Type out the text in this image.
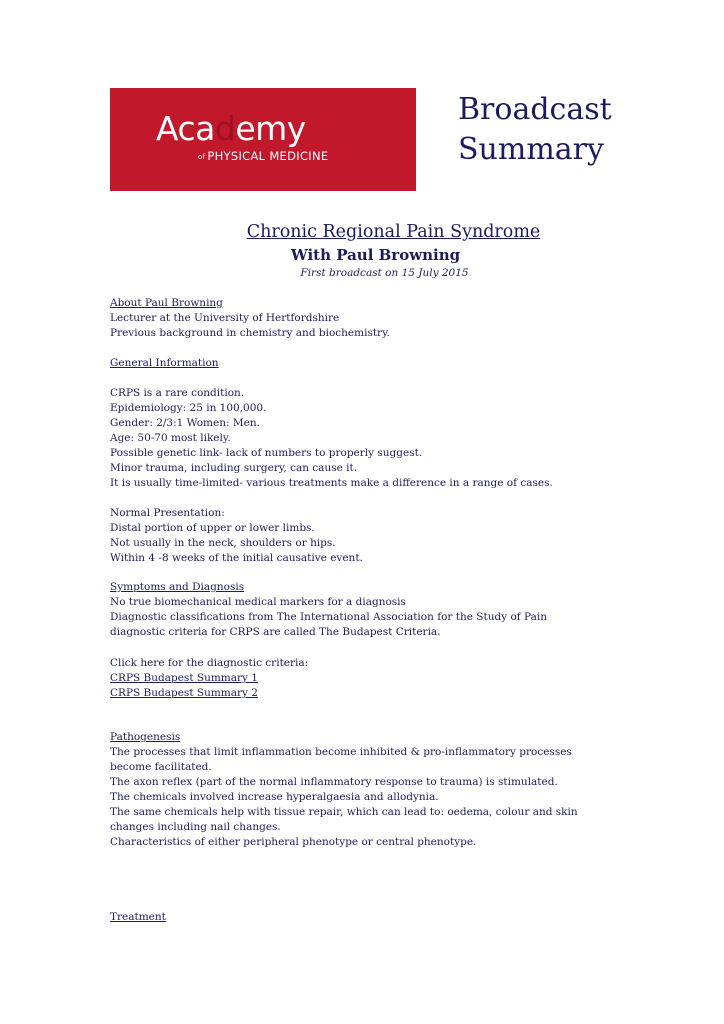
Academy
of PHYSICAL MEDICINE
Broadcast
Summary
Chronic Regional Pain Syndrome
With Paul Browning
First broadcast on 15 July 2015
About Paul Browning
Lecturer at the University of Hertfordshire
Previous background in chemistry and biochemistry.
General Information
CRPS is a rare condition.
Epidemiology: 25 in 100,000.
Gender: 2/3:1 Women: Men.
Age: 50-70 most likely.
Possible genetic link- lack of numbers to properly suggest.
Minor trauma, including surgery, can cause it.
It is usually time-limited- various treatments make a difference in a range of cases.
Normal Presentation:
Distal portion of upper or lower limbs.
Not usually in the neck, shoulders or hips.
Within 4 -8 weeks of the initial causative event.
Symptoms and Diagnosis
No true biomechanical medical markers for a diagnosis
Diagnostic classifications from The International Association for the Study of Pain
diagnostic criteria for CRPS are called The Budapest Criteria.
Click here for the diagnostic criteria:
CRPS Budapest Summary 1
CRPS Budapest Summary 2
Pathogenesis
The processes that limit inflammation become inhibited & pro-inflammatory processes
become facilitated.
The axon reflex (part of the normal inflammatory response to trauma) is stimulated.
The chemicals involved increase hyperalgaesia and allodynia.
The same chemicals help with tissue repair, which can lead to: oedema, colour and skin
changes including nail changes.
Characteristics of either peripheral phenotype or central phenotype.
Treatment
